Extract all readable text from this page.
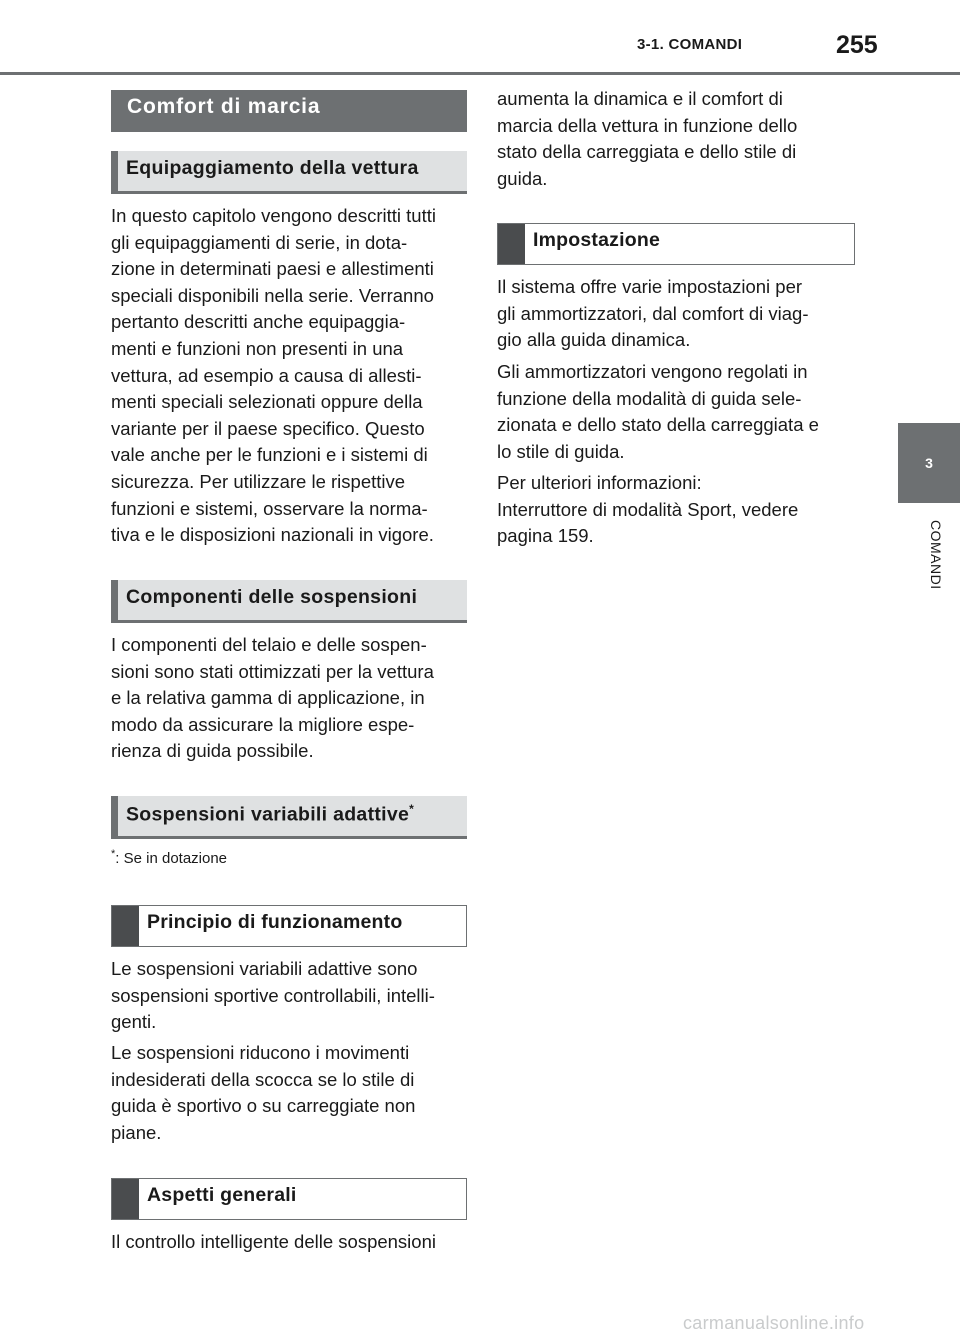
3-1. COMANDI	255
3
COMANDI
Comfort di marcia
Equipaggiamento della vettura

In questo capitolo vengono descritti tutti

gli equipaggiamenti di serie, in dota-

zione in determinati paesi e allestimenti

speciali disponibili nella serie. Verranno

pertanto descritti anche equipaggia-

menti e funzioni non presenti in una

vettura, ad esempio a causa di allesti-

menti speciali selezionati oppure della

variante per il paese specifico. Questo

vale anche per le funzioni e i sistemi di

sicurezza. Per utilizzare le rispettive

funzioni e sistemi, osservare la norma-

tiva e le disposizioni nazionali in vigore.

Componenti delle sospensioni

I componenti del telaio e delle sospen-

sioni sono stati ottimizzati per la vettura

e la relativa gamma di applicazione, in

modo da assicurare la migliore espe-

rienza di guida possibile.

Sospensioni variabili adattive*
*: Se in dotazione
Principio di funzionamento

Le sospensioni variabili adattive sono

sospensioni sportive controllabili, intelli-

genti.

Le sospensioni riducono i movimenti

indesiderati della scocca se lo stile di

guida è sportivo o su carreggiate non

piane.

Aspetti generali

Il controllo intelligente delle sospensioni

aumenta la dinamica e il comfort di

marcia della vettura in funzione dello

stato della carreggiata e dello stile di

guida.

Impostazione

Il sistema offre varie impostazioni per

gli ammortizzatori, dal comfort di viag-

gio alla guida dinamica.

Gli ammortizzatori vengono regolati in

funzione della modalità di guida sele-

zionata e dello stato della carreggiata e

lo stile di guida.

Per ulteriori informazioni:

Interruttore di modalità Sport, vedere

pagina 159.

carmanualsonline.info
